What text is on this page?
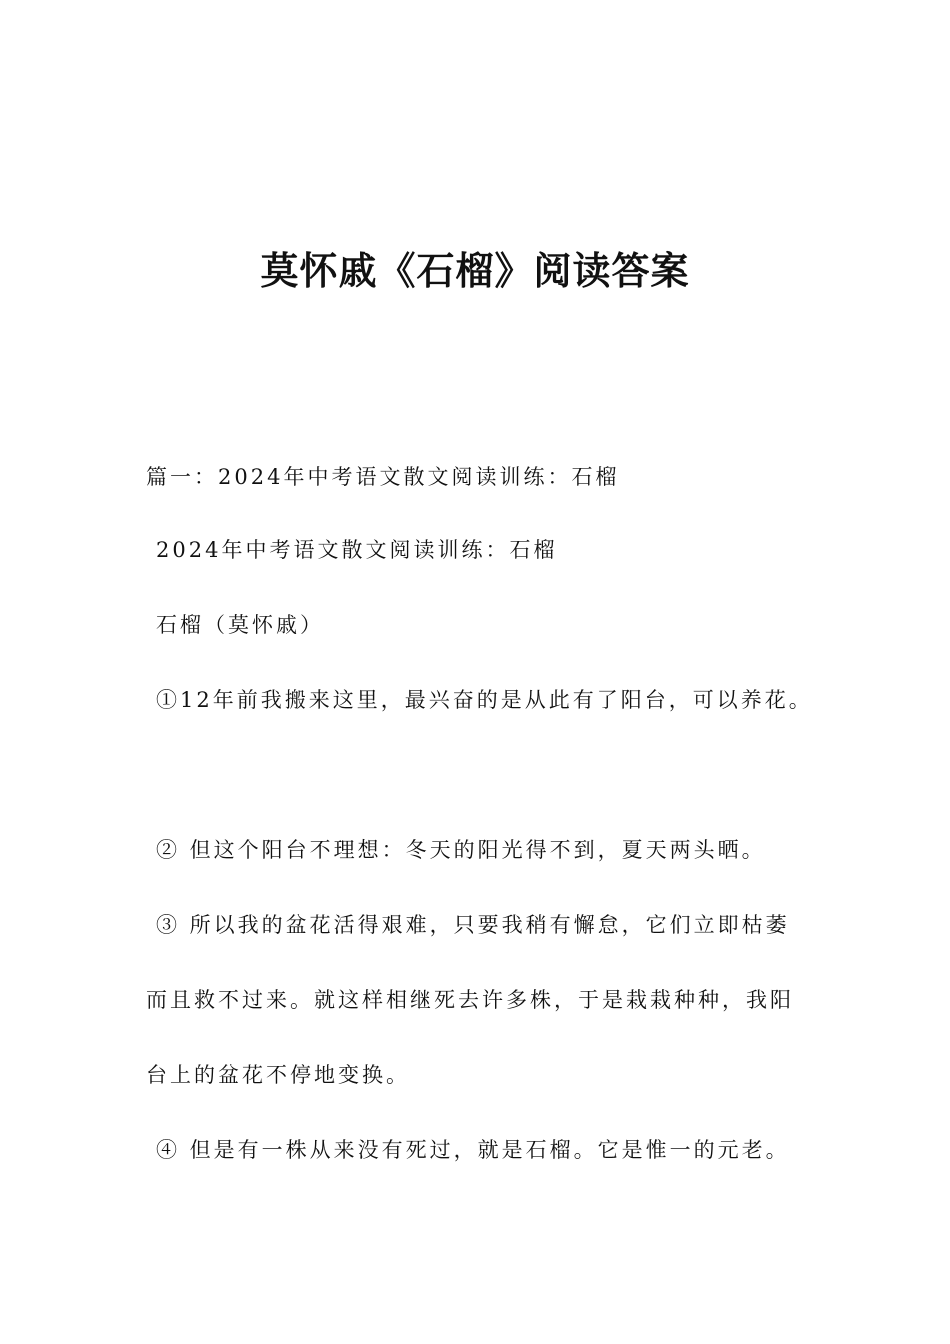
莫怀戚《石榴》阅读答案
篇一：2024年中考语文散文阅读训练：石榴
2024年中考语文散文阅读训练：石榴
石榴（莫怀戚）
①12年前我搬来这里，最兴奋的是从此有了阳台，可以养花。
② 但这个阳台不理想：冬天的阳光得不到，夏天两头晒。
③ 所以我的盆花活得艰难，只要我稍有懈怠，它们立即枯萎
而且救不过来。就这样相继死去许多株，于是栽栽种种，我阳
台上的盆花不停地变换。
④ 但是有一株从来没有死过，就是石榴。它是惟一的元老。
